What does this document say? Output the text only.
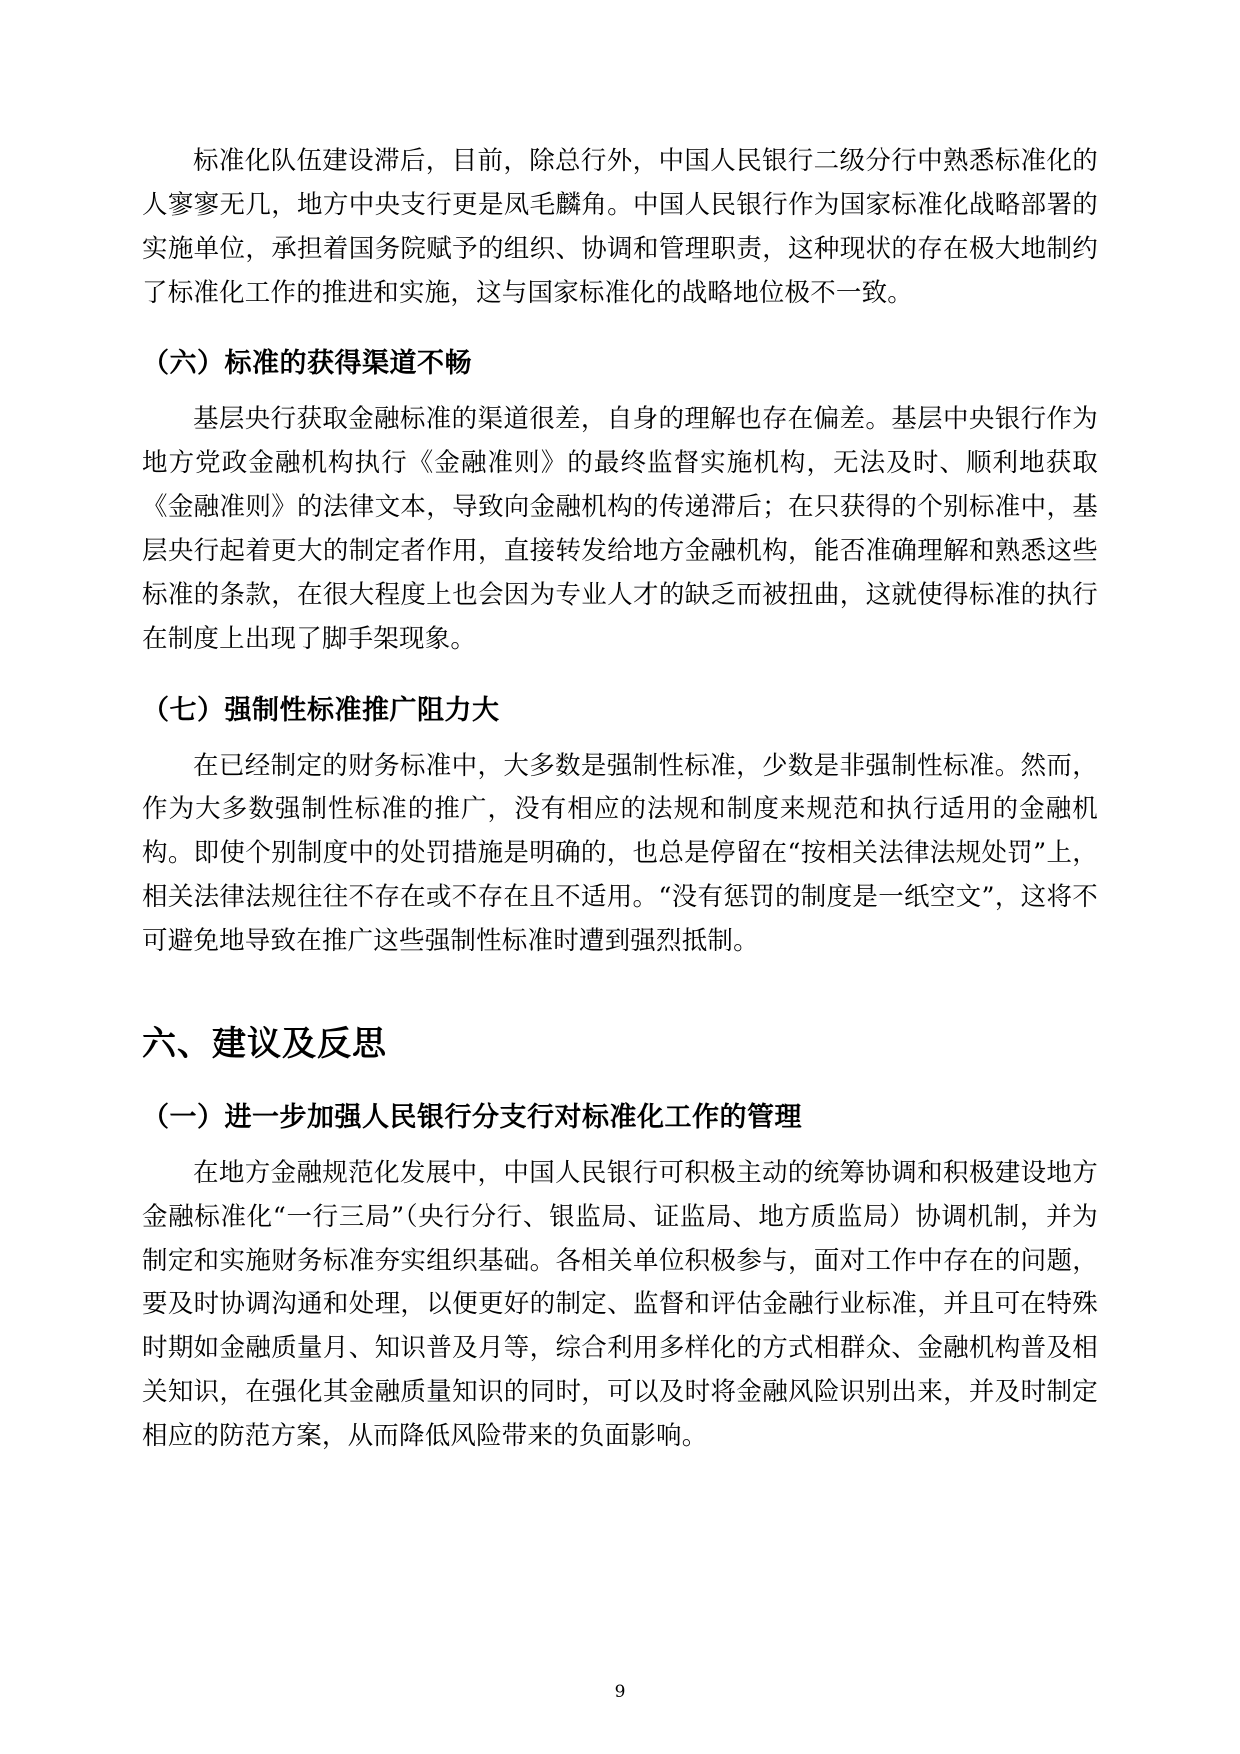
标准化队伍建设滞后，目前，除总行外，中国人民银行二级分行中熟悉标准化的人寥寥无几，地方中央支行更是凤毛麟角。中国人民银行作为国家标准化战略部署的实施单位，承担着国务院赋予的组织、协调和管理职责，这种现状的存在极大地制约了标准化工作的推进和实施，这与国家标准化的战略地位极不一致。

（六）标准的获得渠道不畅

基层央行获取金融标准的渠道很差，自身的理解也存在偏差。基层中央银行作为地方党政金融机构执行《金融准则》的最终监督实施机构，无法及时、顺利地获取《金融准则》的法律文本，导致向金融机构的传递滞后；在只获得的个别标准中，基层央行起着更大的制定者作用，直接转发给地方金融机构，能否准确理解和熟悉这些标准的条款，在很大程度上也会因为专业人才的缺乏而被扭曲，这就使得标准的执行在制度上出现了脚手架现象。

（七）强制性标准推广阻力大

在已经制定的财务标准中，大多数是强制性标准，少数是非强制性标准。然而，作为大多数强制性标准的推广，没有相应的法规和制度来规范和执行适用的金融机构。即使个别制度中的处罚措施是明确的，也总是停留在“按相关法律法规处罚”上，相关法律法规往往不存在或不存在且不适用。“没有惩罚的制度是一纸空文”，这将不可避免地导致在推广这些强制性标准时遭到强烈抵制。

六、建议及反思
（一）进一步加强人民银行分支行对标准化工作的管理

在地方金融规范化发展中，中国人民银行可积极主动的统筹协调和积极建设地方金融标准化“一行三局”（央行分行、银监局、证监局、地方质监局）协调机制，并为制定和实施财务标准夯实组织基础。各相关单位积极参与，面对工作中存在的问题，要及时协调沟通和处理，以便更好的制定、监督和评估金融行业标准，并且可在特殊时期如金融质量月、知识普及月等，综合利用多样化的方式相群众、金融机构普及相关知识，在强化其金融质量知识的同时，可以及时将金融风险识别出来，并及时制定相应的防范方案，从而降低风险带来的负面影响。

9
